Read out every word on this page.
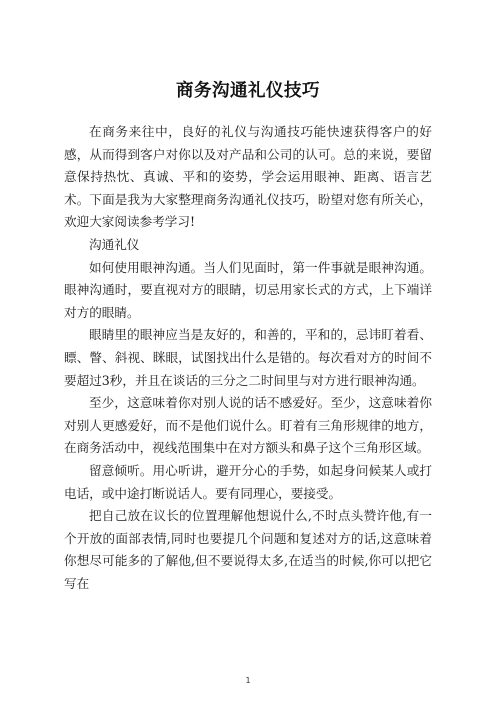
商务沟通礼仪技巧

在商务来往中，良好的礼仪与沟通技巧能快速获得客户的好感，从而得到客户对你以及对产品和公司的认可。总的来说，要留意保持热忱、真诚、平和的姿势，学会运用眼神、距离、语言艺术。下面是我为大家整理商务沟通礼仪技巧，盼望对您有所关心，欢迎大家阅读参考学习!

沟通礼仪

如何使用眼神沟通。当人们见面时，第一件事就是眼神沟通。眼神沟通时，要直视对方的眼睛，切忌用家长式的方式，上下端详对方的眼睛。

眼睛里的眼神应当是友好的，和善的，平和的，忌讳盯着看、瞟、瞥、斜视、眯眼，试图找出什么是错的。每次看对方的时间不要超过3秒，并且在谈话的三分之二时间里与对方进行眼神沟通。

至少，这意味着你对别人说的话不感爱好。至少，这意味着你对别人更感爱好，而不是他们说什么。盯着有三角形规律的地方，在商务活动中，视线范围集中在对方额头和鼻子这个三角形区域。

留意倾听。用心听讲，避开分心的手势，如起身问候某人或打电话，或中途打断说话人。要有同理心，要接受。

把自己放在议长的位置理解他想说什么,不时点头赞许他,有一个开放的面部表情,同时也要提几个问题和复述对方的话,这意味着你想尽可能多的了解他,但不要说得太多,在适当的时候,你可以把它写在

1
